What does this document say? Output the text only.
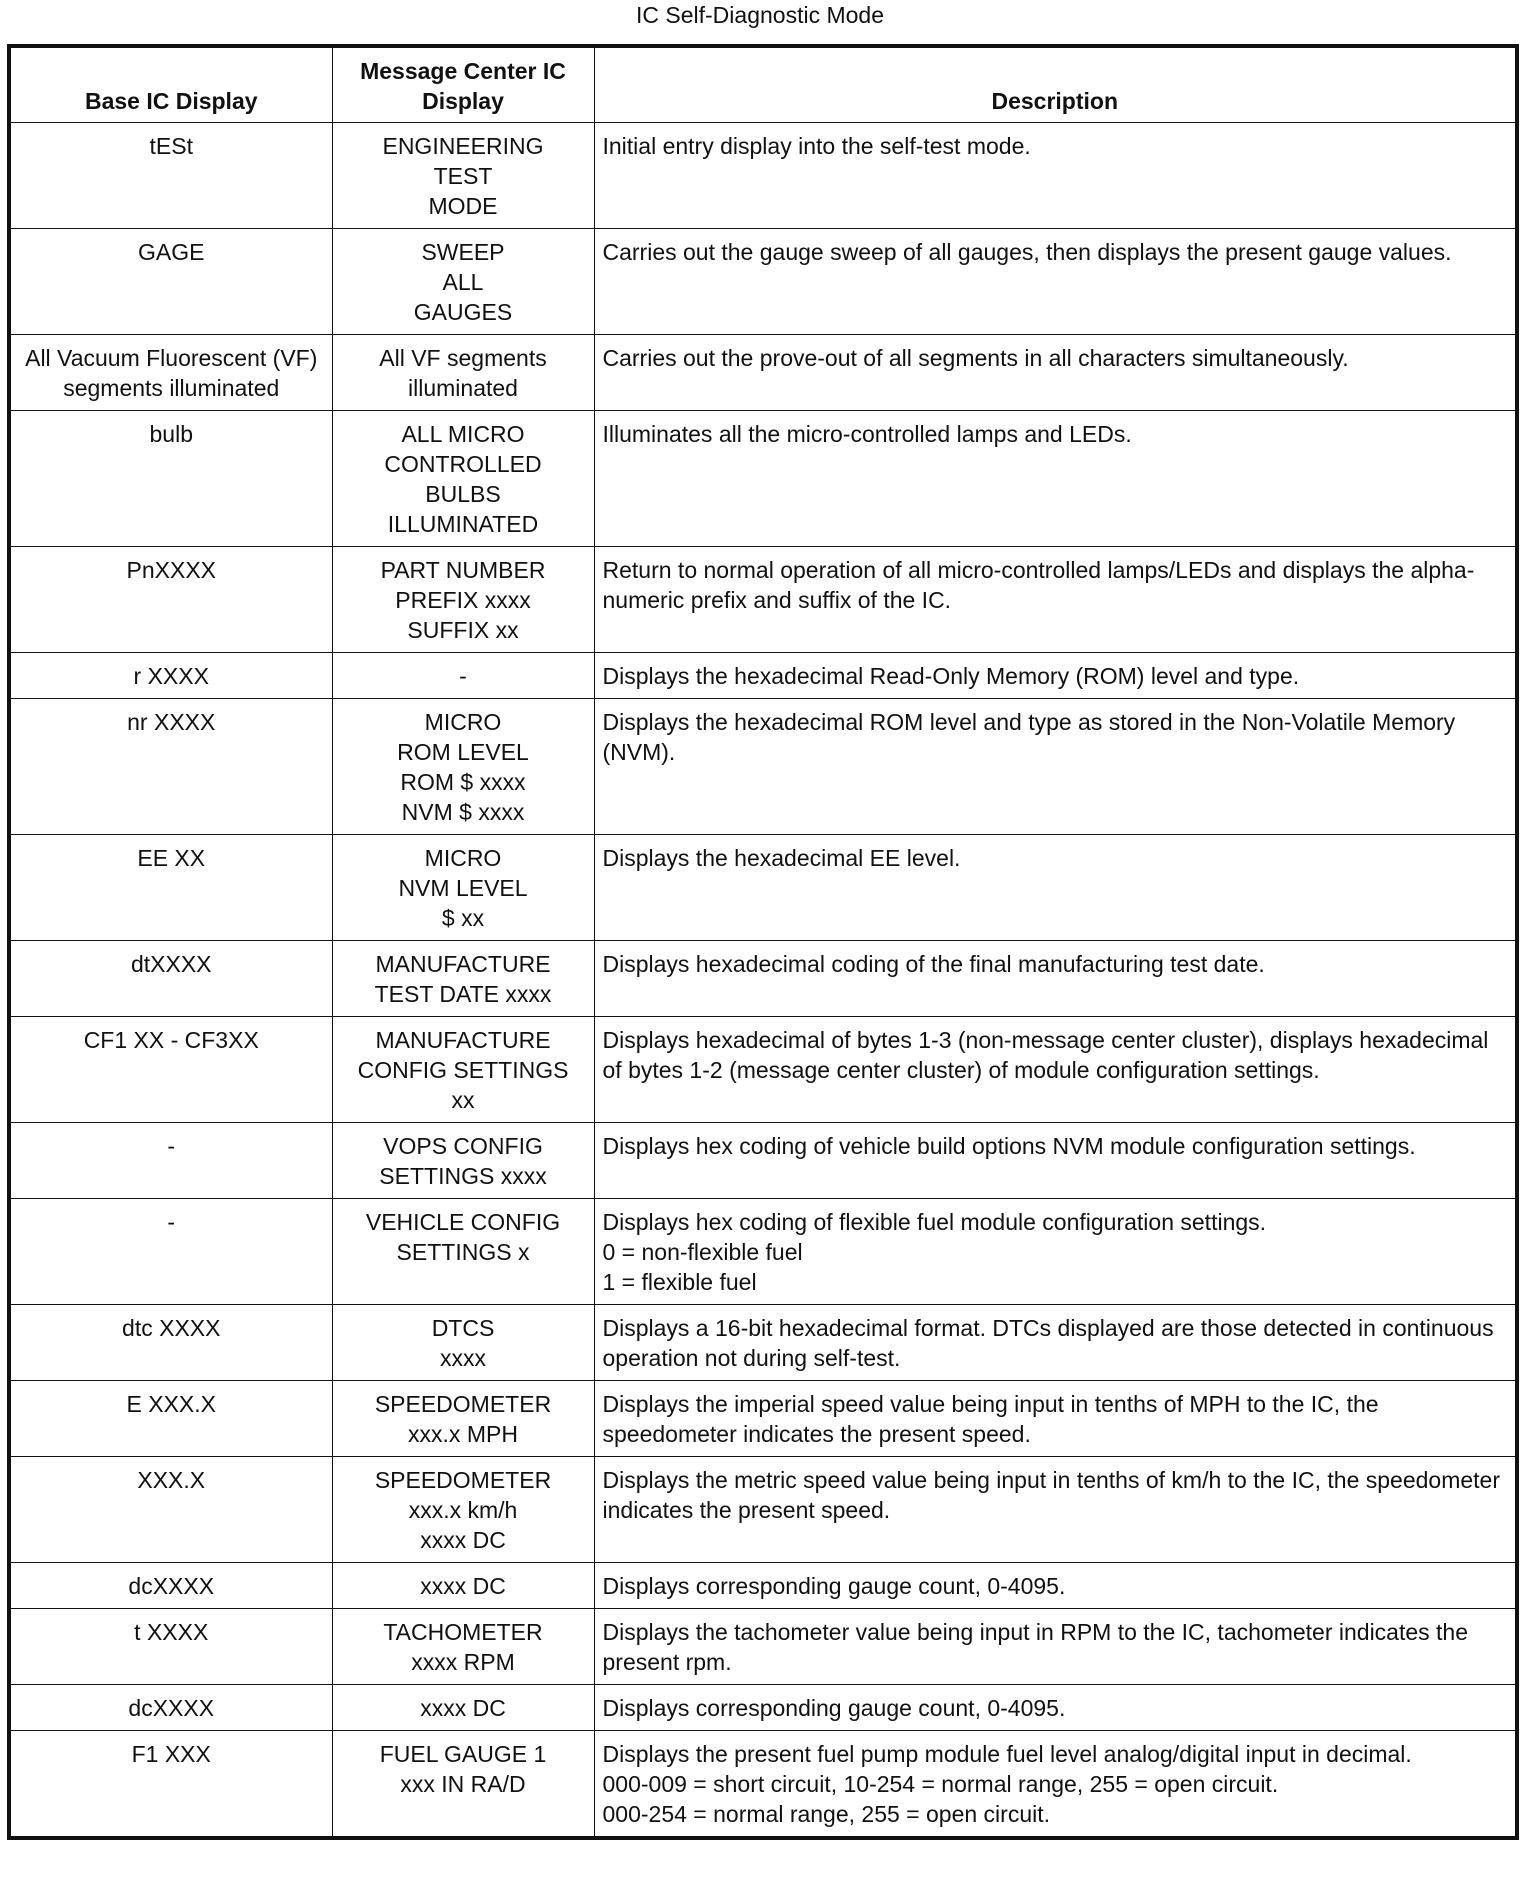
IC Self-Diagnostic Mode
Base IC Display	Message Center IC Display	Description

tESt	ENGINEERING
TEST
MODE	Initial entry display into the self-test mode.

GAGE	SWEEP
ALL
GAUGES	Carries out the gauge sweep of all gauges, then displays the present gauge values.

All Vacuum Fluorescent (VF) segments illuminated	All VF segments illuminated	Carries out the prove-out of all segments in all characters simultaneously.

bulb	ALL MICRO
CONTROLLED
BULBS
ILLUMINATED	Illuminates all the micro-controlled lamps and LEDs.

PnXXXX	PART NUMBER
PREFIX xxxx
SUFFIX xx	Return to normal operation of all micro-controlled lamps/LEDs and displays the alpha-numeric prefix and suffix of the IC.

r XXXX	-	Displays the hexadecimal Read-Only Memory (ROM) level and type.

nr XXXX	MICRO
ROM LEVEL
ROM $ xxxx
NVM $ xxxx	Displays the hexadecimal ROM level and type as stored in the Non-Volatile Memory (NVM).

EE XX	MICRO
NVM LEVEL
$ xx	Displays the hexadecimal EE level.

dtXXXX	MANUFACTURE
TEST DATE xxxx	Displays hexadecimal coding of the final manufacturing test date.

CF1 XX - CF3XX	MANUFACTURE
CONFIG SETTINGS
xx	Displays hexadecimal of bytes 1-3 (non-message center cluster), displays hexadecimal of bytes 1-2 (message center cluster) of module configuration settings.

-	VOPS CONFIG
SETTINGS xxxx	Displays hex coding of vehicle build options NVM module configuration settings.

-	VEHICLE CONFIG
SETTINGS x	Displays hex coding of flexible fuel module configuration settings.
0 = non-flexible fuel
1 = flexible fuel

dtc XXXX	DTCS
xxxx	Displays a 16-bit hexadecimal format. DTCs displayed are those detected in continuous operation not during self-test.

E XXX.X	SPEEDOMETER
xxx.x MPH	Displays the imperial speed value being input in tenths of MPH to the IC, the speedometer indicates the present speed.

XXX.X	SPEEDOMETER
xxx.x km/h
xxxx DC	Displays the metric speed value being input in tenths of km/h to the IC, the speedometer indicates the present speed.

dcXXXX	xxxx DC	Displays corresponding gauge count, 0-4095.

t XXXX	TACHOMETER
xxxx RPM	Displays the tachometer value being input in RPM to the IC, tachometer indicates the present rpm.

dcXXXX	xxxx DC	Displays corresponding gauge count, 0-4095.

F1 XXX	FUEL GAUGE 1
xxx IN RA/D	Displays the present fuel pump module fuel level analog/digital input in decimal.
000-009 = short circuit, 10-254 = normal range, 255 = open circuit.
000-254 = normal range, 255 = open circuit.
